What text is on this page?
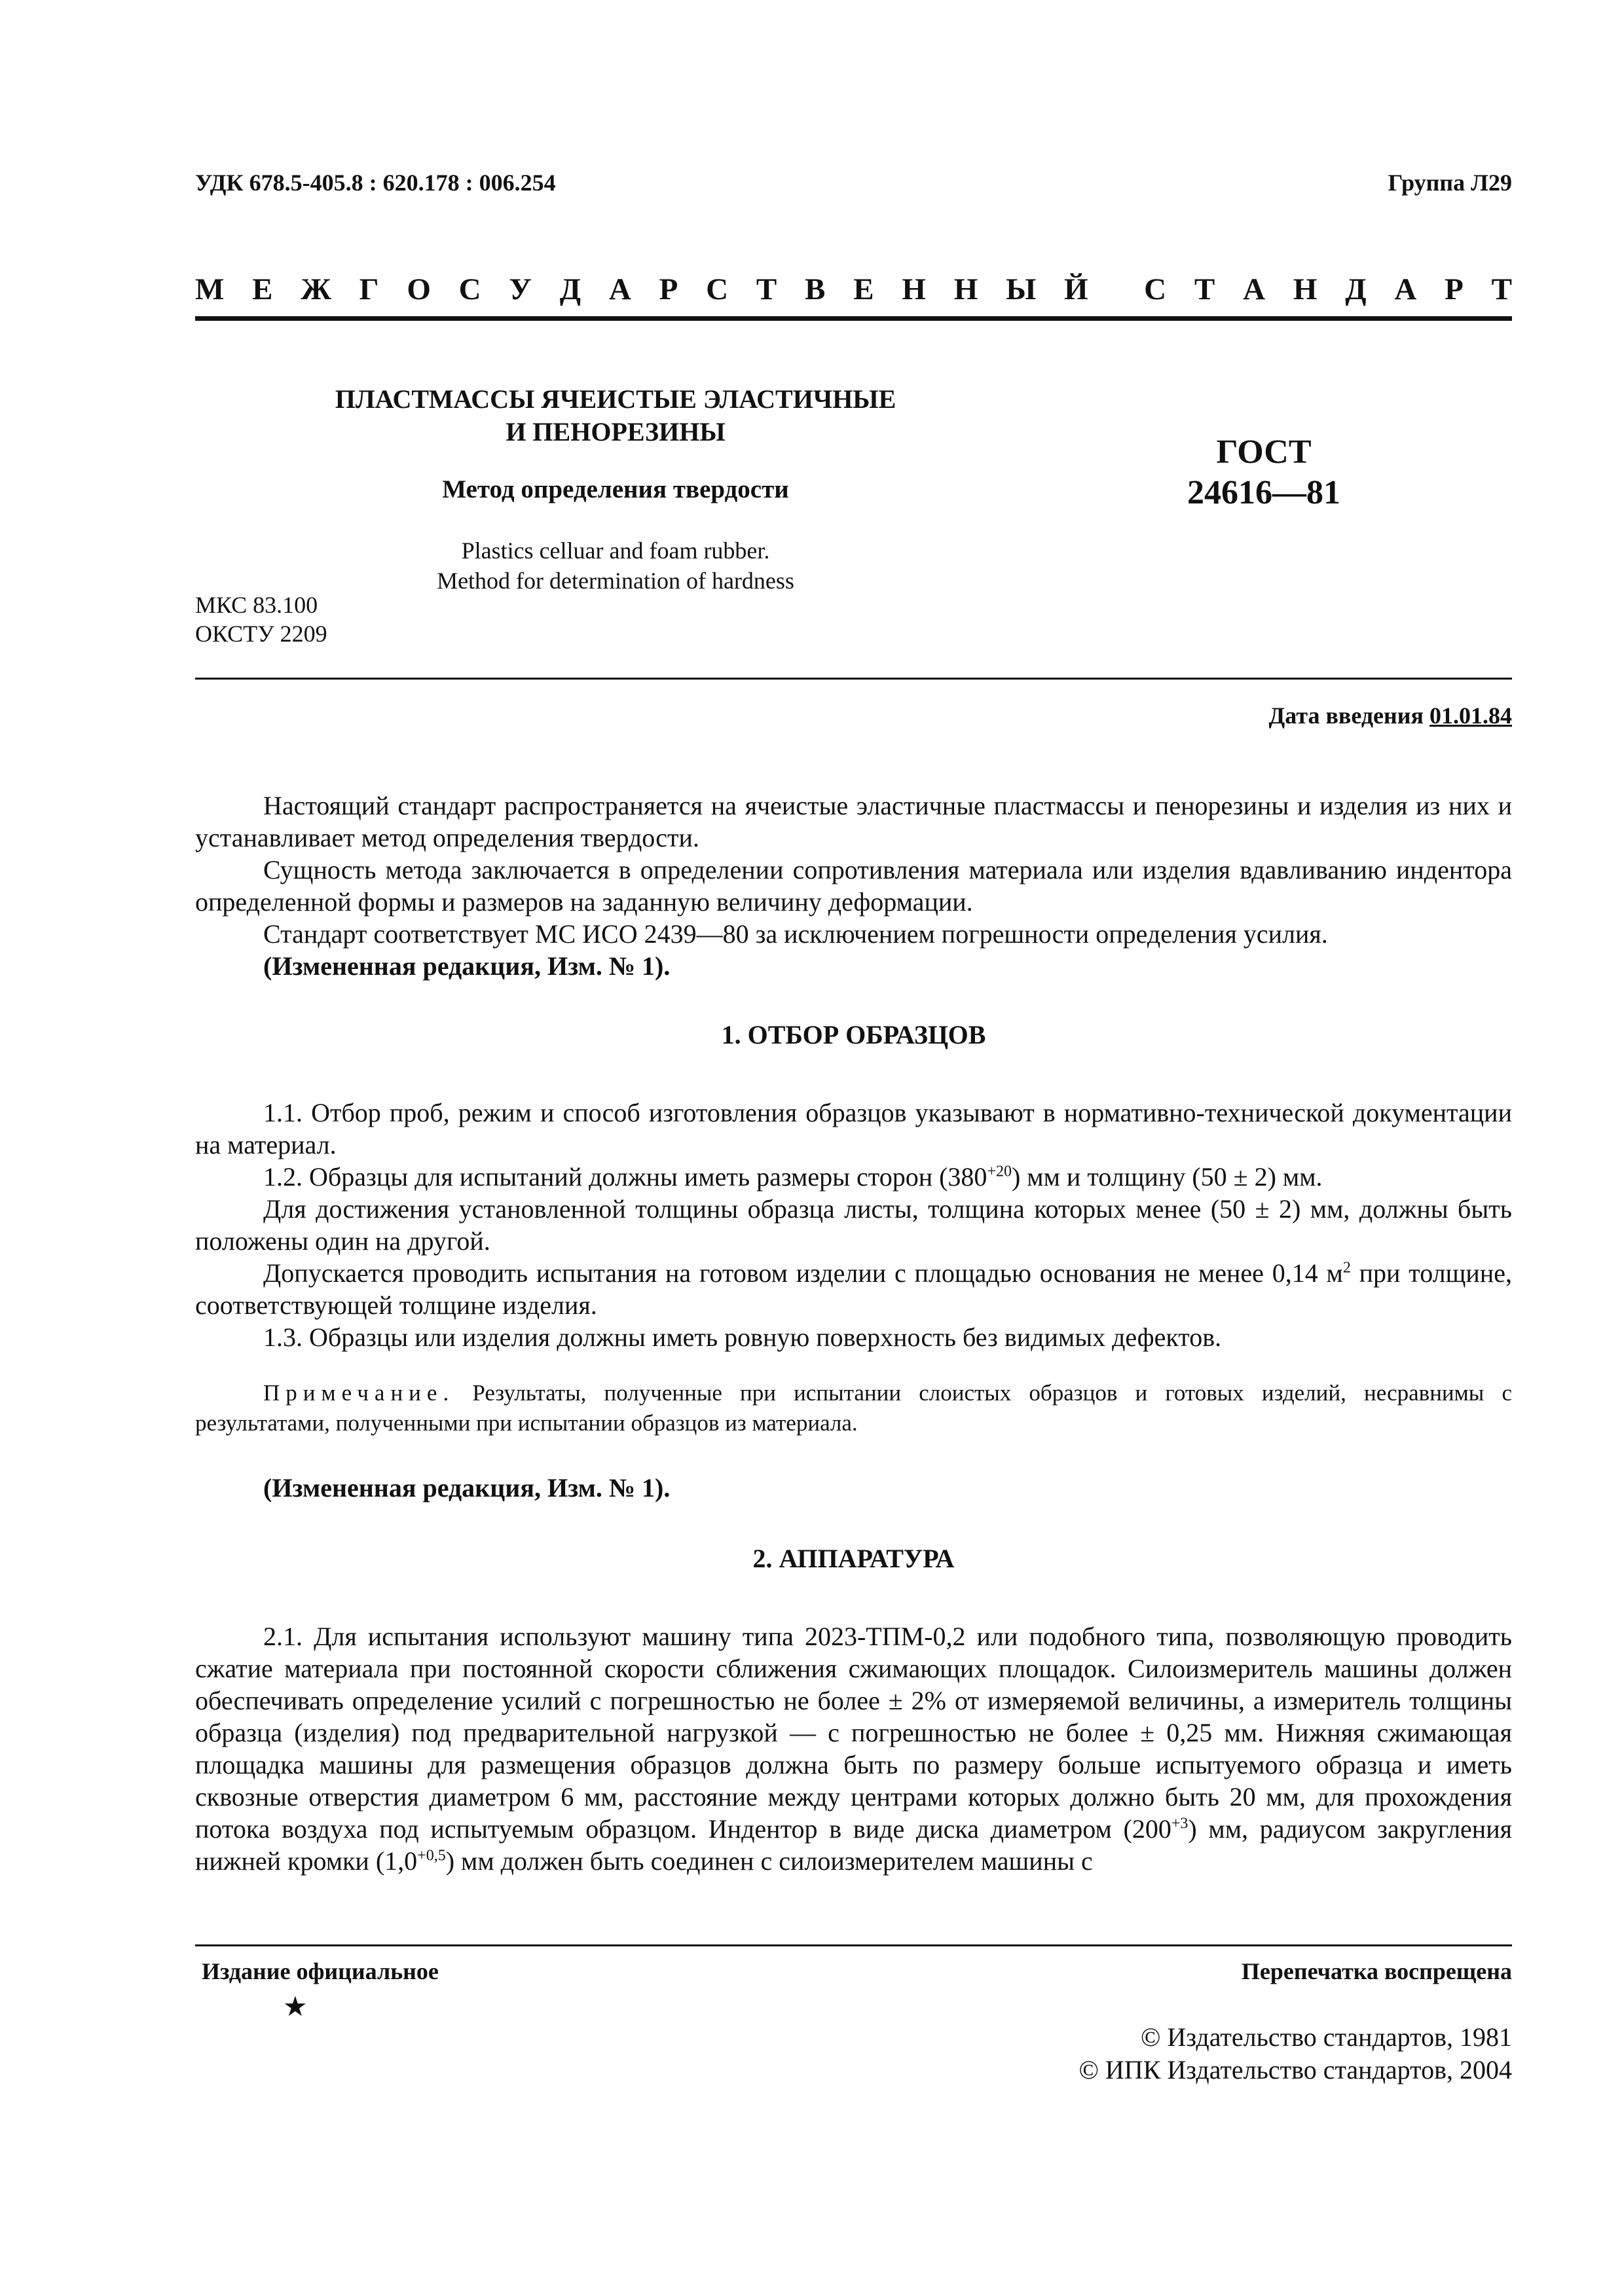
УДК 678.5-405.8 : 620.178 : 006.254	Группа Л29
М Е Ж Г О С У Д А Р С Т В Е Н Н Ы Й С Т А Н Д А Р Т
ПЛАСТМАССЫ ЯЧЕИСТЫЕ ЭЛАСТИЧНЫЕ
И ПЕНОРЕЗИНЫ
Метод определения твердости
ГОСТ
24616—81
Plastics celluar and foam rubber.
Method for determination of hardness
МКС 83.100
ОКСТУ 2209
Дата введения 01.01.84
Настоящий стандарт распространяется на ячеистые эластичные пластмассы и пенорезины и изделия из них и устанавливает метод определения твердости.
Сущность метода заключается в определении сопротивления материала или изделия вдавливанию индентора определенной формы и размеров на заданную величину деформации.
Стандарт соответствует МС ИСО 2439—80 за исключением погрешности определения усилия.
(Измененная редакция, Изм. № 1).
1. ОТБОР ОБРАЗЦОВ
1.1. Отбор проб, режим и способ изготовления образцов указывают в нормативно-технической документации на материал.
1.2. Образцы для испытаний должны иметь размеры сторон $(380^{+20})$ мм и толщину (50 ± 2) мм.
Для достижения установленной толщины образца листы, толщина которых менее (50 ± 2) мм, должны быть положены один на другой.
Допускается проводить испытания на готовом изделии с площадью основания не менее 0,14 $м^2$ при толщине, соответствующей толщине изделия.
1.3. Образцы или изделия должны иметь ровную поверхность без видимых дефектов.
Примечание. Результаты, полученные при испытании слоистых образцов и готовых изделий, несравнимы с результатами, полученными при испытании образцов из материала.
(Измененная редакция, Изм. № 1).
2. АППАРАТУРА
2.1. Для испытания используют машину типа 2023-ТПМ-0,2 или подобного типа, позволяющую проводить сжатие материала при постоянной скорости сближения сжимающих площадок. Силоизмеритель машины должен обеспечивать определение усилий с погрешностью не более ± 2% от измеряемой величины, а измеритель толщины образца (изделия) под предварительной нагрузкой — с погрешностью не более ± 0,25 мм. Нижняя сжимающая площадка машины для размещения образцов должна быть по размеру больше испытуемого образца и иметь сквозные отверстия диаметром 6 мм, расстояние между центрами которых должно быть 20 мм, для прохождения потока воздуха под испытуемым образцом. Индентор в виде диска диаметром $(200^{+3})$ мм, радиусом закругления нижней кромки $(1,0^{+0,5})$ мм должен быть соединен с силоизмерителем машины с
Издание официальное
★
Перепечатка воспрещена
© Издательство стандартов, 1981
© ИПК Издательство стандартов, 2004
